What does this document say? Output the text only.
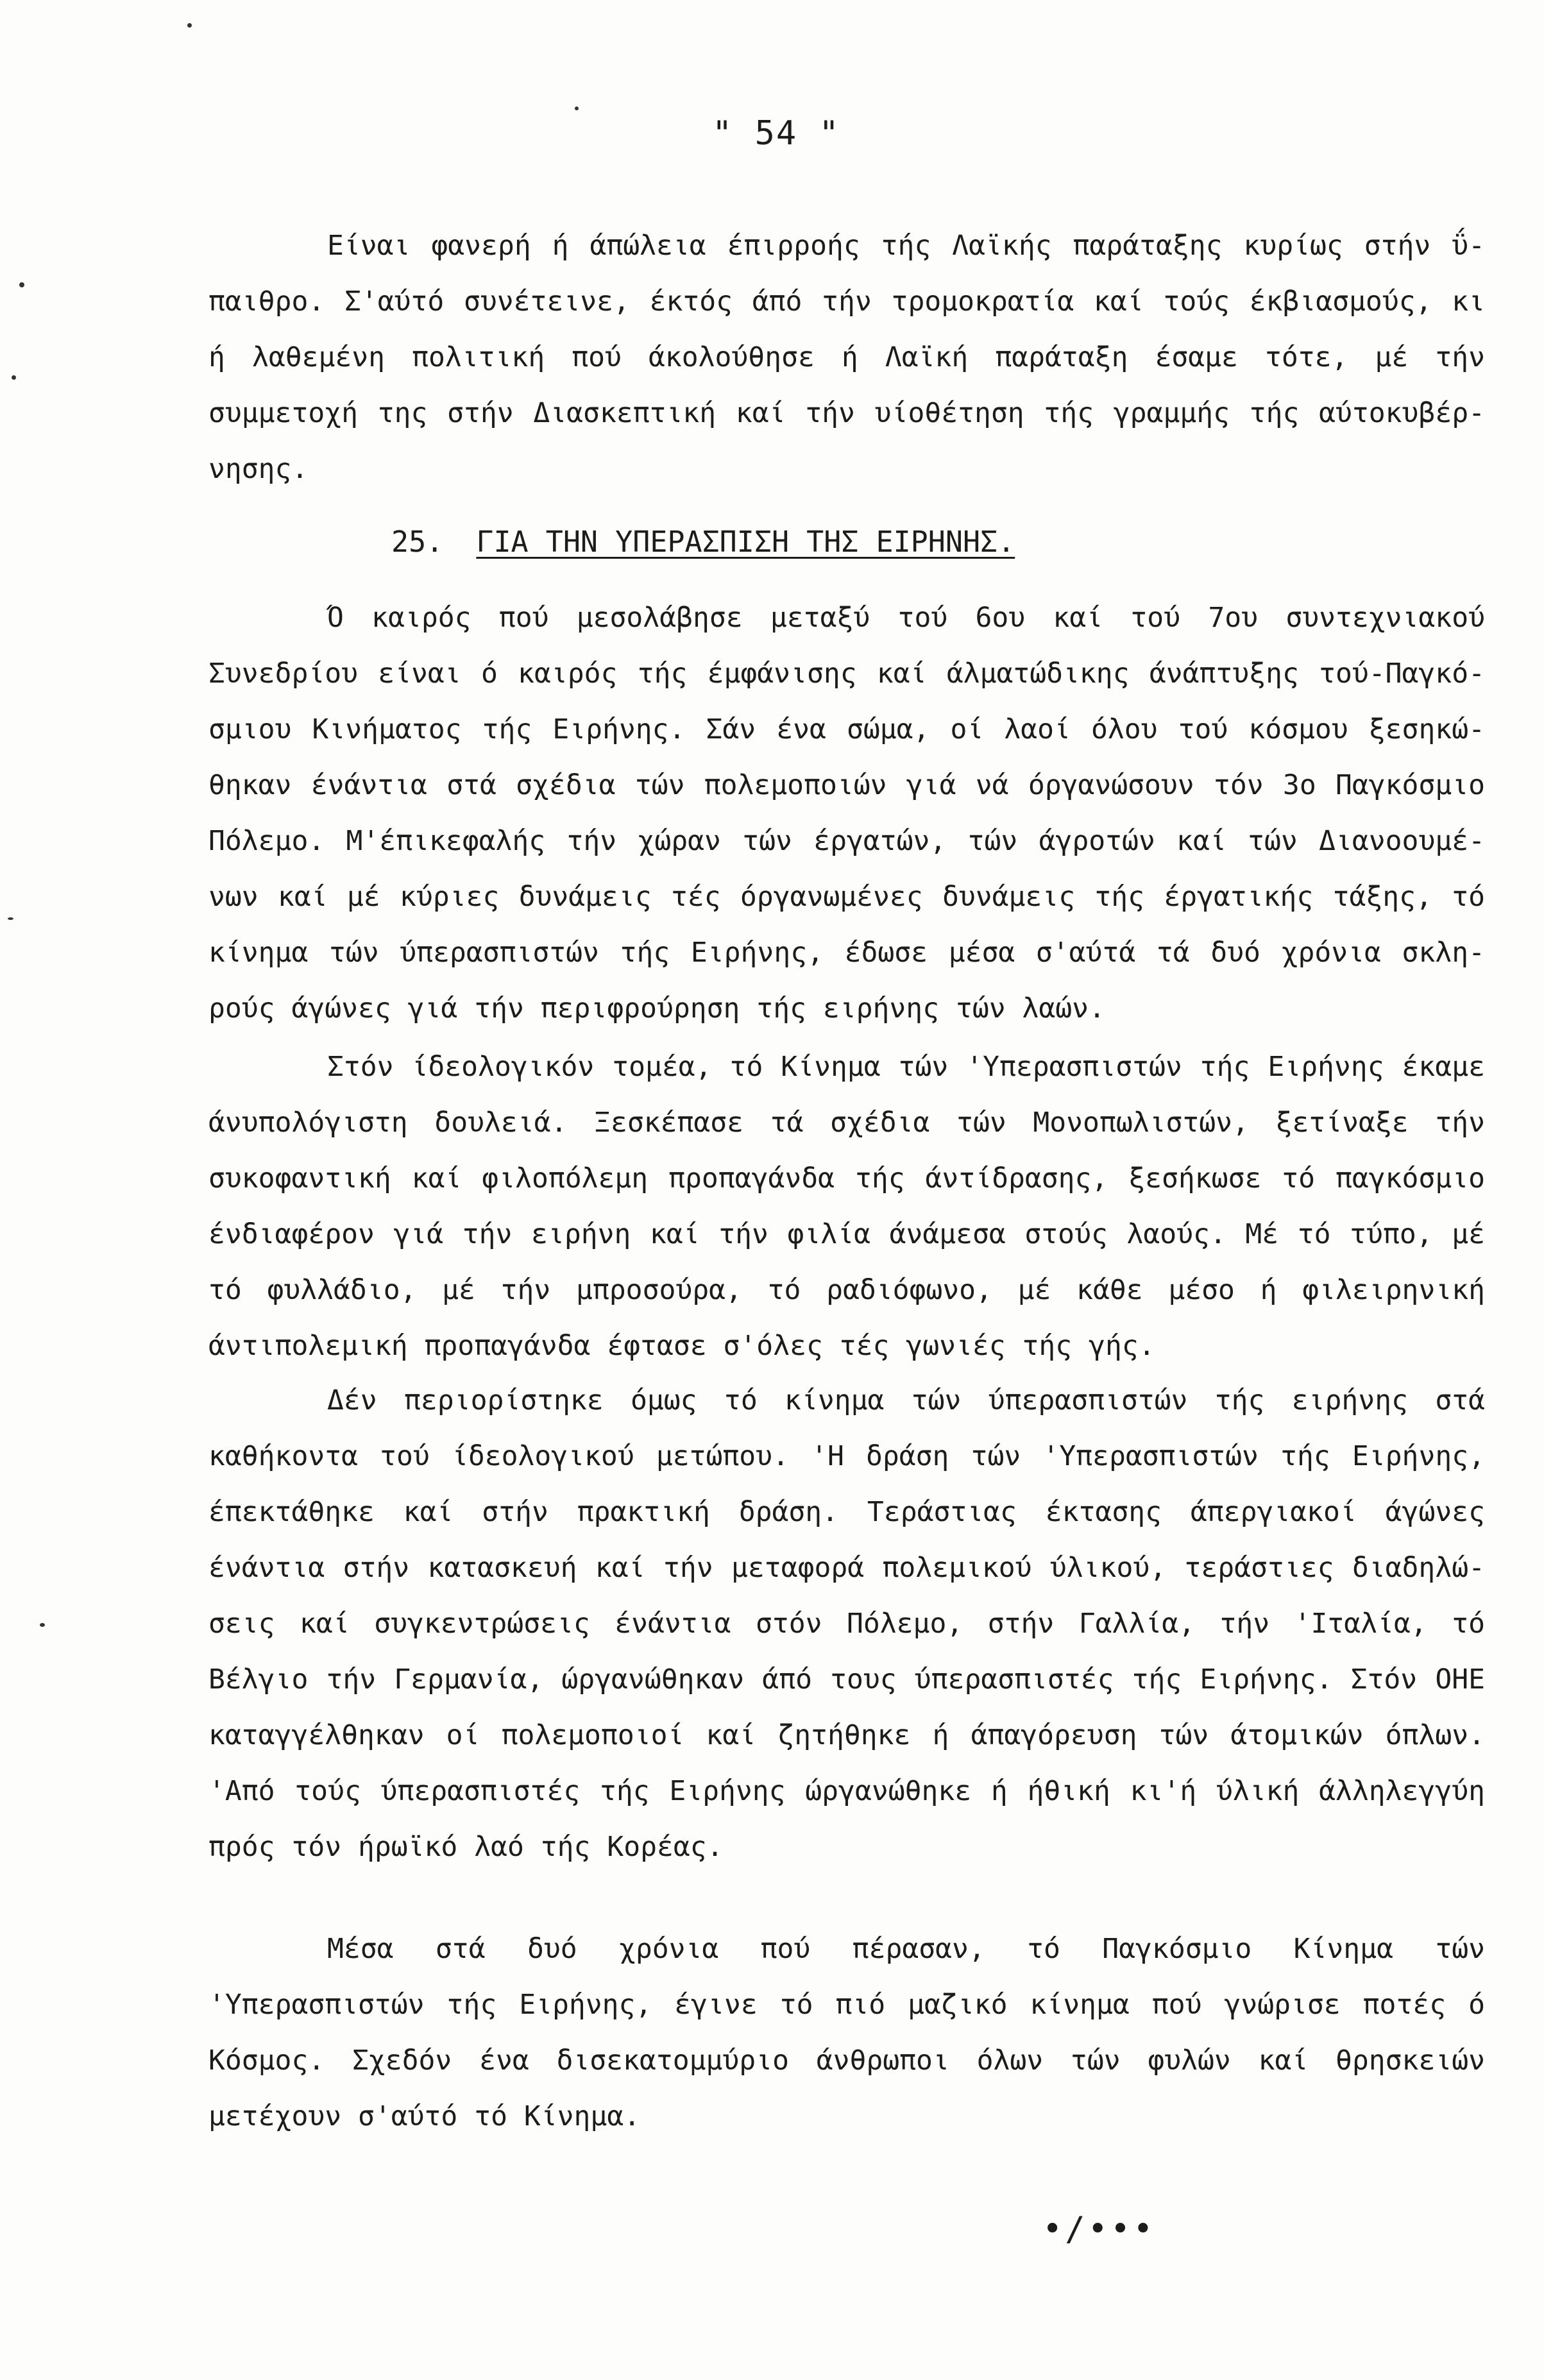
" 54 "

Είναι φανερή ή άπώλεια έπιρροής τής Λαϊκής παράταξης κυρίως στήν ΰ-παιθρο. Σ'αύτό συνέτεινε, έκτός άπό τήν τρομοκρατία καί τούς έκβιασμούς, κι ή λαθεμένη πολιτική πού άκολούθησε ή Λαϊκή παράταξη έσαμε τότε, μέ τήν συμμετοχή της στήν Διασκεπτική καί τήν υίοθέτηση τής γραμμής τής αύτοκυβέρ-νησης.

25. ΓΙΑ ΤΗΝ ΥΠΕΡΑΣΠΙΣΗ ΤΗΣ ΕΙΡΗΝΗΣ.

Ό καιρός πού μεσολάβησε μεταξύ τού 6ου καί τού 7ου συντεχνιακού Συνεδρίου είναι ό καιρός τής έμφάνισης καί άλματώδικης άνάπτυξης τού-Παγκό-σμιου Κινήματος τής Ειρήνης. Σάν ένα σώμα, οί λαοί όλου τού κόσμου ξεσηκώ-θηκαν ένάντια στά σχέδια τών πολεμοποιών γιά νά όργανώσουν τόν 3ο Παγκόσμιο Πόλεμο. Μ'έπικεφαλής τήν χώραν τών έργατών, τών άγροτών καί τών Διανοουμέ-νων καί μέ κύριες δυνάμεις τές όργανωμένες δυνάμεις τής έργατικής τάξης, τό κίνημα τών ύπερασπιστών τής Ειρήνης, έδωσε μέσα σ'αύτά τά δυό χρόνια σκλη-ρούς άγώνες γιά τήν περιφρούρηση τής ειρήνης τών λαών.

Στόν ίδεολογικόν τομέα, τό Κίνημα τών 'Υπερασπιστών τής Ειρήνης έκαμε άνυπολόγιστη δουλειά. Ξεσκέπασε τά σχέδια τών Μονοπωλιστών, ξετίναξε τήν συκοφαντική καί φιλοπόλεμη προπαγάνδα τής άντίδρασης, ξεσήκωσε τό παγκόσμιο ένδιαφέρον γιά τήν ειρήνη καί τήν φιλία άνάμεσα στούς λαούς. Μέ τό τύπο, μέ τό φυλλάδιο, μέ τήν μπροσούρα, τό ραδιόφωνο, μέ κάθε μέσο ή φιλειρηνική άντιπολεμική προπαγάνδα έφτασε σ'όλες τές γωνιές τής γής.

Δέν περιορίστηκε όμως τό κίνημα τών ύπερασπιστών τής ειρήνης στά καθήκοντα τού ίδεολογικού μετώπου. 'Η δράση τών 'Υπερασπιστών τής Ειρήνης, έπεκτάθηκε καί στήν πρακτική δράση. Τεράστιας έκτασης άπεργιακοί άγώνες ένάντια στήν κατασκευή καί τήν μεταφορά πολεμικού ύλικού, τεράστιες διαδηλώ-σεις καί συγκεντρώσεις ένάντια στόν Πόλεμο, στήν Γαλλία, τήν 'Ιταλία, τό Βέλγιο τήν Γερμανία, ώργανώθηκαν άπό τους ύπερασπιστές τής Ειρήνης. Στόν ΟΗΕ καταγγέλθηκαν οί πολεμοποιοί καί ζητήθηκε ή άπαγόρευση τών άτομικών όπλων. 'Από τούς ύπερασπιστές τής Ειρήνης ώργανώθηκε ή ήθική κι'ή ύλική άλληλεγγύη πρός τόν ήρωϊκό λαό τής Κορέας.

Μέσα στά δυό χρόνια πού πέρασαν, τό Παγκόσμιο Κίνημα τών 'Υπερασπιστών τής Ειρήνης, έγινε τό πιό μαζικό κίνημα πού γνώρισε ποτές ό Κόσμος. Σχεδόν ένα δισεκατομμύριο άνθρωποι όλων τών φυλών καί θρησκειών μετέχουν σ'αύτό τό Κίνημα.

•/•••
